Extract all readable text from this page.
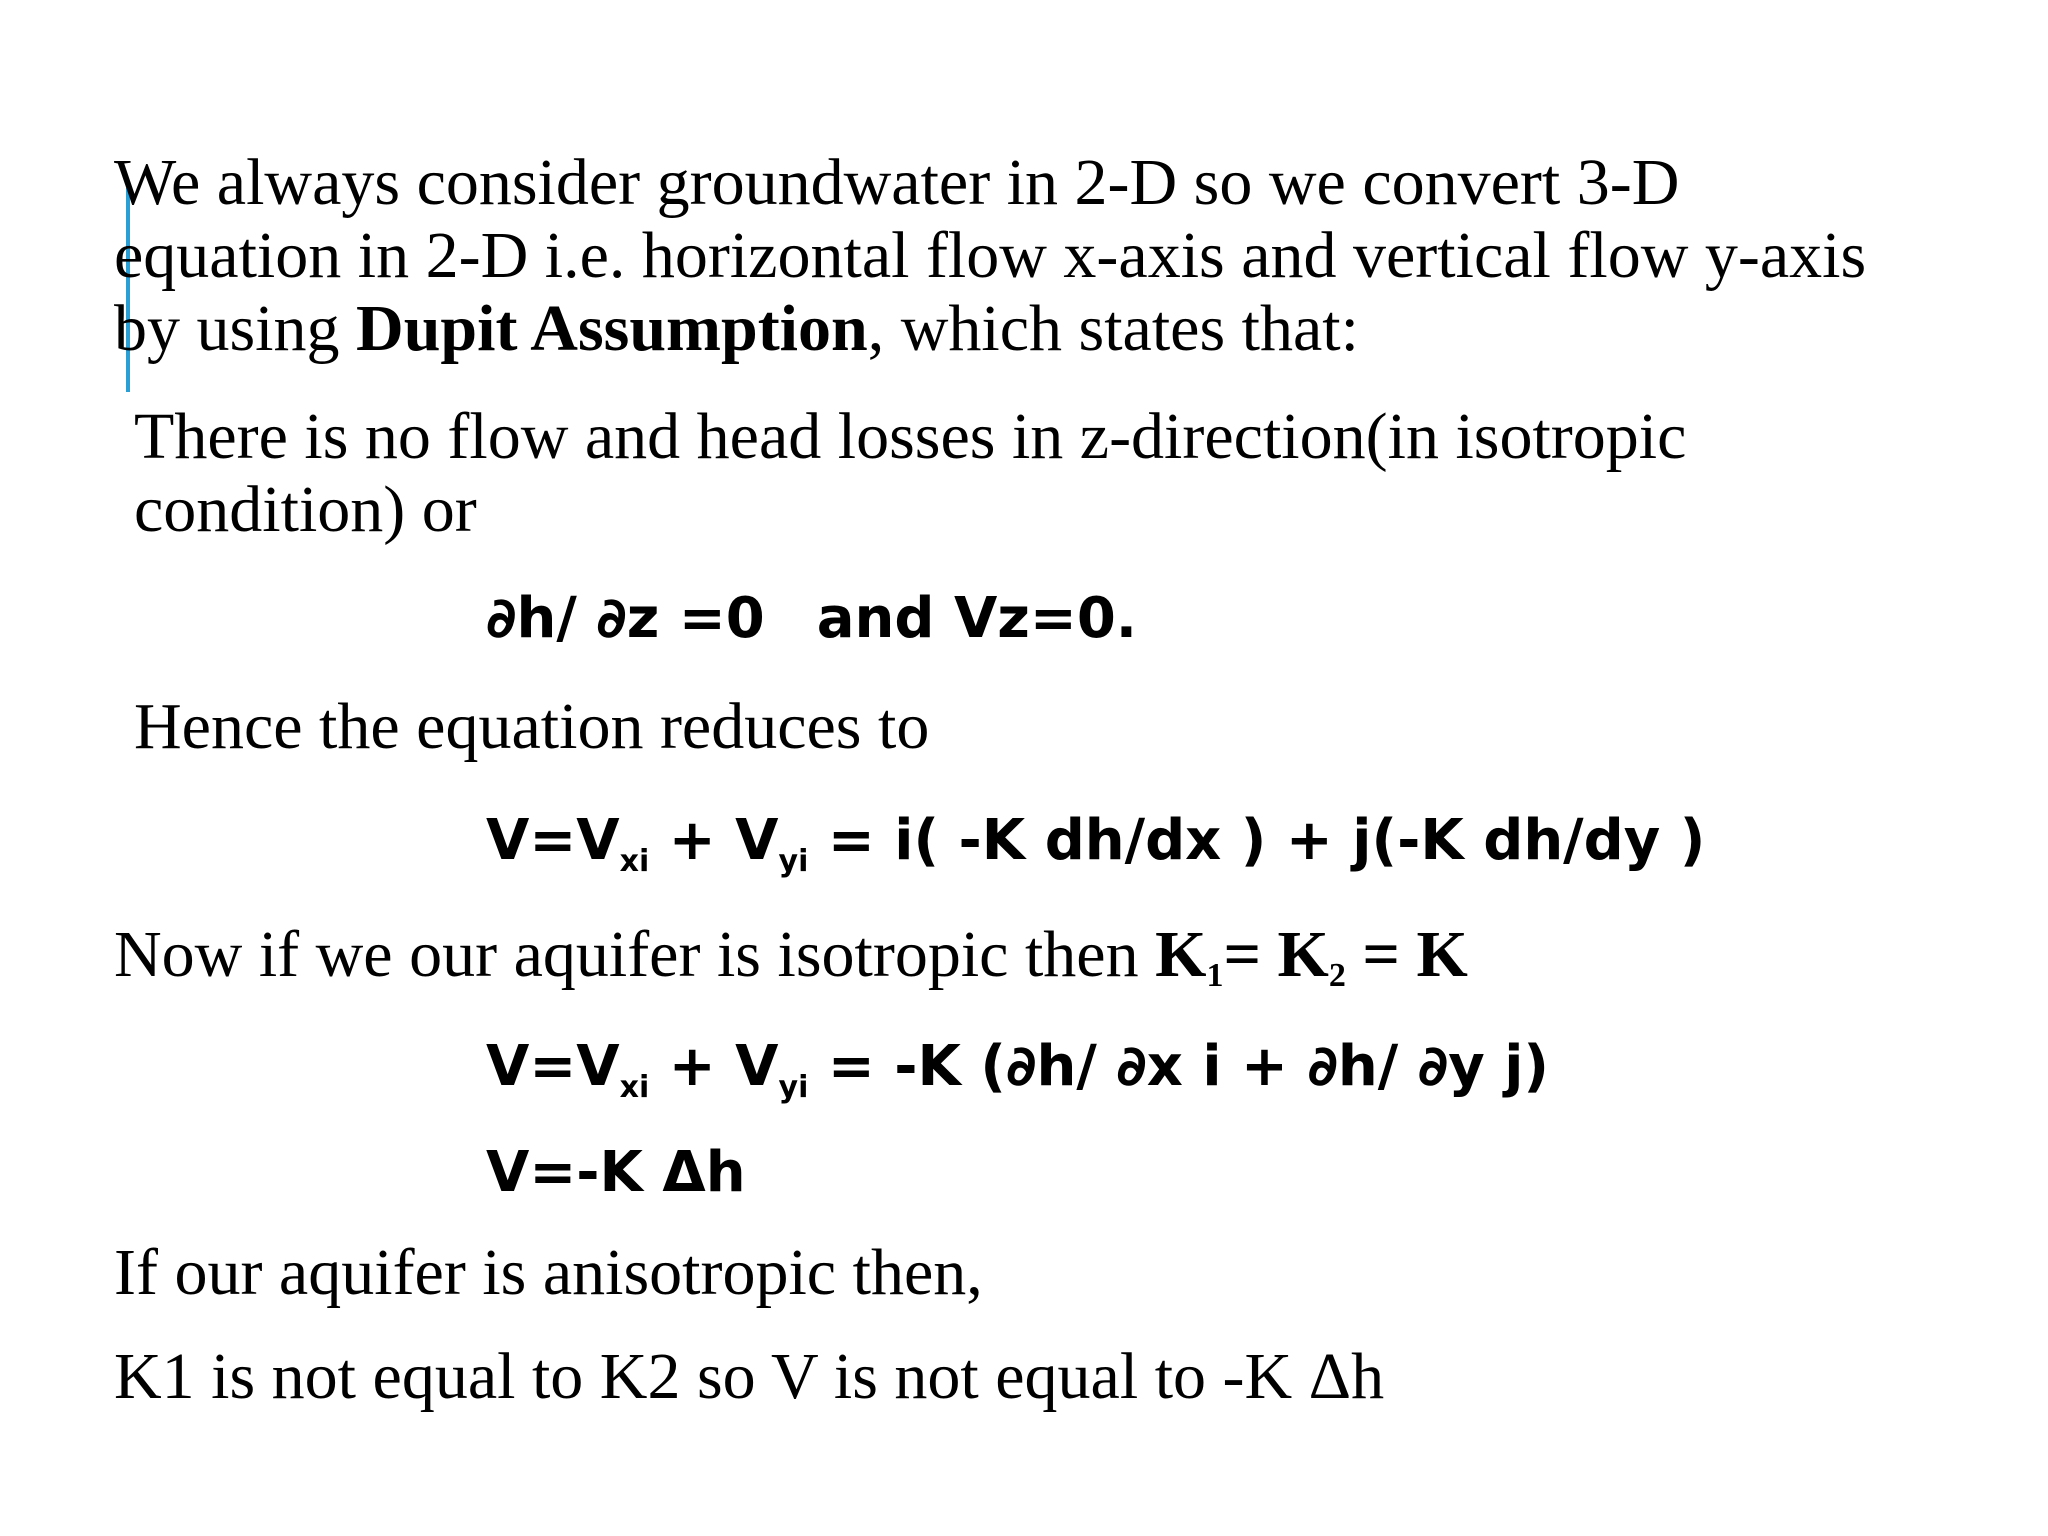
We always consider groundwater in 2-D so we convert 3-D
equation in 2-D i.e. horizontal flow x-axis and vertical flow y-axis
by using Dupit Assumption, which states that:
There is no flow and head losses in z-direction(in isotropic
condition) or
∂h/ ∂z =0 and Vz=0.
Hence the equation reduces to
$V=V_{xi} + V_{yi} = i$( -K dh/dx ) + j(-K dh/dy )
Now if we our aquifer is isotropic then $K_1= K_2 = K$
$V=V_{xi} + V_{yi} = -K$ (∂h/ ∂x i + ∂h/ ∂y j)
V=-K Δh
If our aquifer is anisotropic then,
K1 is not equal to K2 so V is not equal to -K Δh
